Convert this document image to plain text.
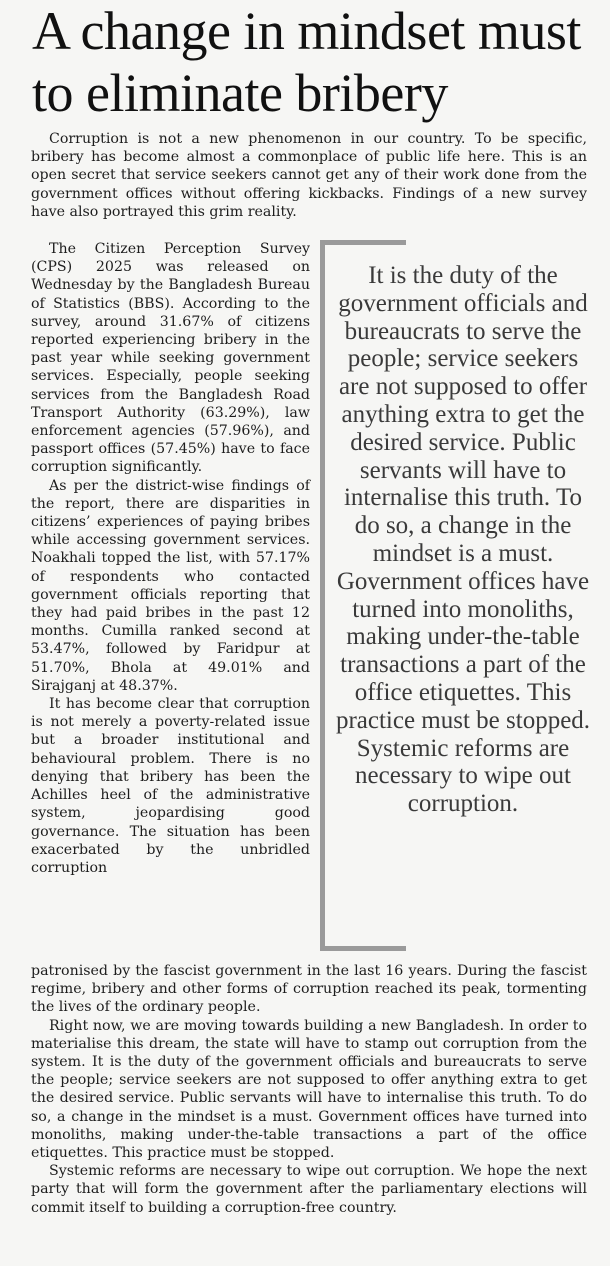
A change in mindset must to eliminate bribery

Corruption is not a new phenomenon in our country. To be specific, bribery has become almost a commonplace of public life here. This is an open secret that service seekers cannot get any of their work done from the government offices without offering kickbacks. Findings of a new survey have also portrayed this grim reality.

The Citizen Perception Survey (CPS) 2025 was released on Wednesday by the Bangladesh Bureau of Statistics (BBS). According to the survey, around 31.67% of citizens reported experiencing bribery in the past year while seeking government services. Especially, people seeking services from the Bangladesh Road Transport Authority (63.29%), law enforcement agencies (57.96%), and passport offices (57.45%) have to face corruption significantly.

As per the district-wise findings of the report, there are disparities in citizens’ experiences of paying bribes while accessing government services. Noakhali topped the list, with 57.17% of respondents who contacted government officials reporting that they had paid bribes in the past 12 months. Cumilla ranked second at 53.47%, followed by Faridpur at 51.70%, Bhola at 49.01% and Sirajganj at 48.37%.

It has become clear that corruption is not merely a poverty-related issue but a broader institutional and behavioural problem. There is no denying that bribery has been the Achilles heel of the administrative system, jeopardising good governance. The situation has been exacerbated by the unbridled corruption

It is the duty of the government officials and bureaucrats to serve the people; service seekers are not supposed to offer anything extra to get the desired service. Public servants will have to internalise this truth. To do so, a change in the mindset is a must. Government offices have turned into monoliths, making under-the-table transactions a part of the office etiquettes. This practice must be stopped. Systemic reforms are necessary to wipe out corruption.

patronised by the fascist government in the last 16 years. During the fascist regime, bribery and other forms of corruption reached its peak, tormenting the lives of the ordinary people.

Right now, we are moving towards building a new Bangladesh. In order to materialise this dream, the state will have to stamp out corruption from the system. It is the duty of the government officials and bureaucrats to serve the people; service seekers are not supposed to offer anything extra to get the desired service. Public servants will have to internalise this truth. To do so, a change in the mindset is a must. Government offices have turned into monoliths, making under-the-table transactions a part of the office etiquettes. This practice must be stopped.

Systemic reforms are necessary to wipe out corruption. We hope the next party that will form the government after the parliamentary elections will commit itself to building a corruption-free country.
